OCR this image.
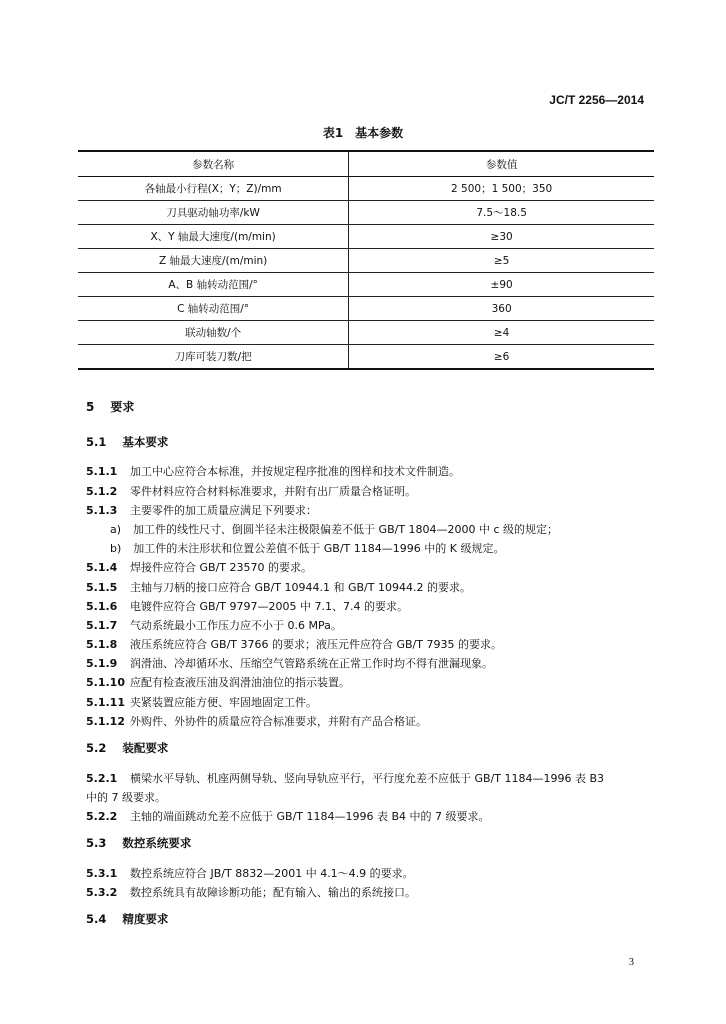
JC/T 2256—2014
表1　基本参数
参数名称	参数值
各轴最小行程(X；Y；Z)/mm	2 500；1 500；350
刀具驱动轴功率/kW	7.5～18.5
X、Y 轴最大速度/(m/min)	≥30
Z 轴最大速度/(m/min)	≥5
A、B 轴转动范围/°	±90
C 轴转动范围/°	360
联动轴数/个	≥4
刀库可装刀数/把	≥6
5 要求
5.1 基本要求
5.1.1 加工中心应符合本标准，并按规定程序批准的图样和技术文件制造。
5.1.2 零件材料应符合材料标准要求，并附有出厂质量合格证明。
5.1.3 主要零件的加工质量应满足下列要求：
a) 加工件的线性尺寸、倒圆半径未注极限偏差不低于 GB/T 1804—2000 中 c 级的规定；
b) 加工件的未注形状和位置公差值不低于 GB/T 1184—1996 中的 K 级规定。
5.1.4 焊接件应符合 GB/T 23570 的要求。
5.1.5 主轴与刀柄的接口应符合 GB/T 10944.1 和 GB/T 10944.2 的要求。
5.1.6 电镀件应符合 GB/T 9797—2005 中 7.1、7.4 的要求。
5.1.7 气动系统最小工作压力应不小于 0.6 MPa。
5.1.8 液压系统应符合 GB/T 3766 的要求；液压元件应符合 GB/T 7935 的要求。
5.1.9 润滑油、冷却循环水、压缩空气管路系统在正常工作时均不得有泄漏现象。
5.1.10 应配有检查液压油及润滑油油位的指示装置。
5.1.11 夹紧装置应能方便、牢固地固定工件。
5.1.12 外购件、外协件的质量应符合标准要求，并附有产品合格证。
5.2 装配要求
5.2.1 横梁水平导轨、机座两侧导轨、竖向导轨应平行，平行度允差不应低于 GB/T 1184—1996 表 B3
中的 7 级要求。
5.2.2 主轴的端面跳动允差不应低于 GB/T 1184—1996 表 B4 中的 7 级要求。
5.3 数控系统要求
5.3.1 数控系统应符合 JB/T 8832—2001 中 4.1～4.9 的要求。
5.3.2 数控系统具有故障诊断功能；配有输入、输出的系统接口。
5.4 精度要求
3
